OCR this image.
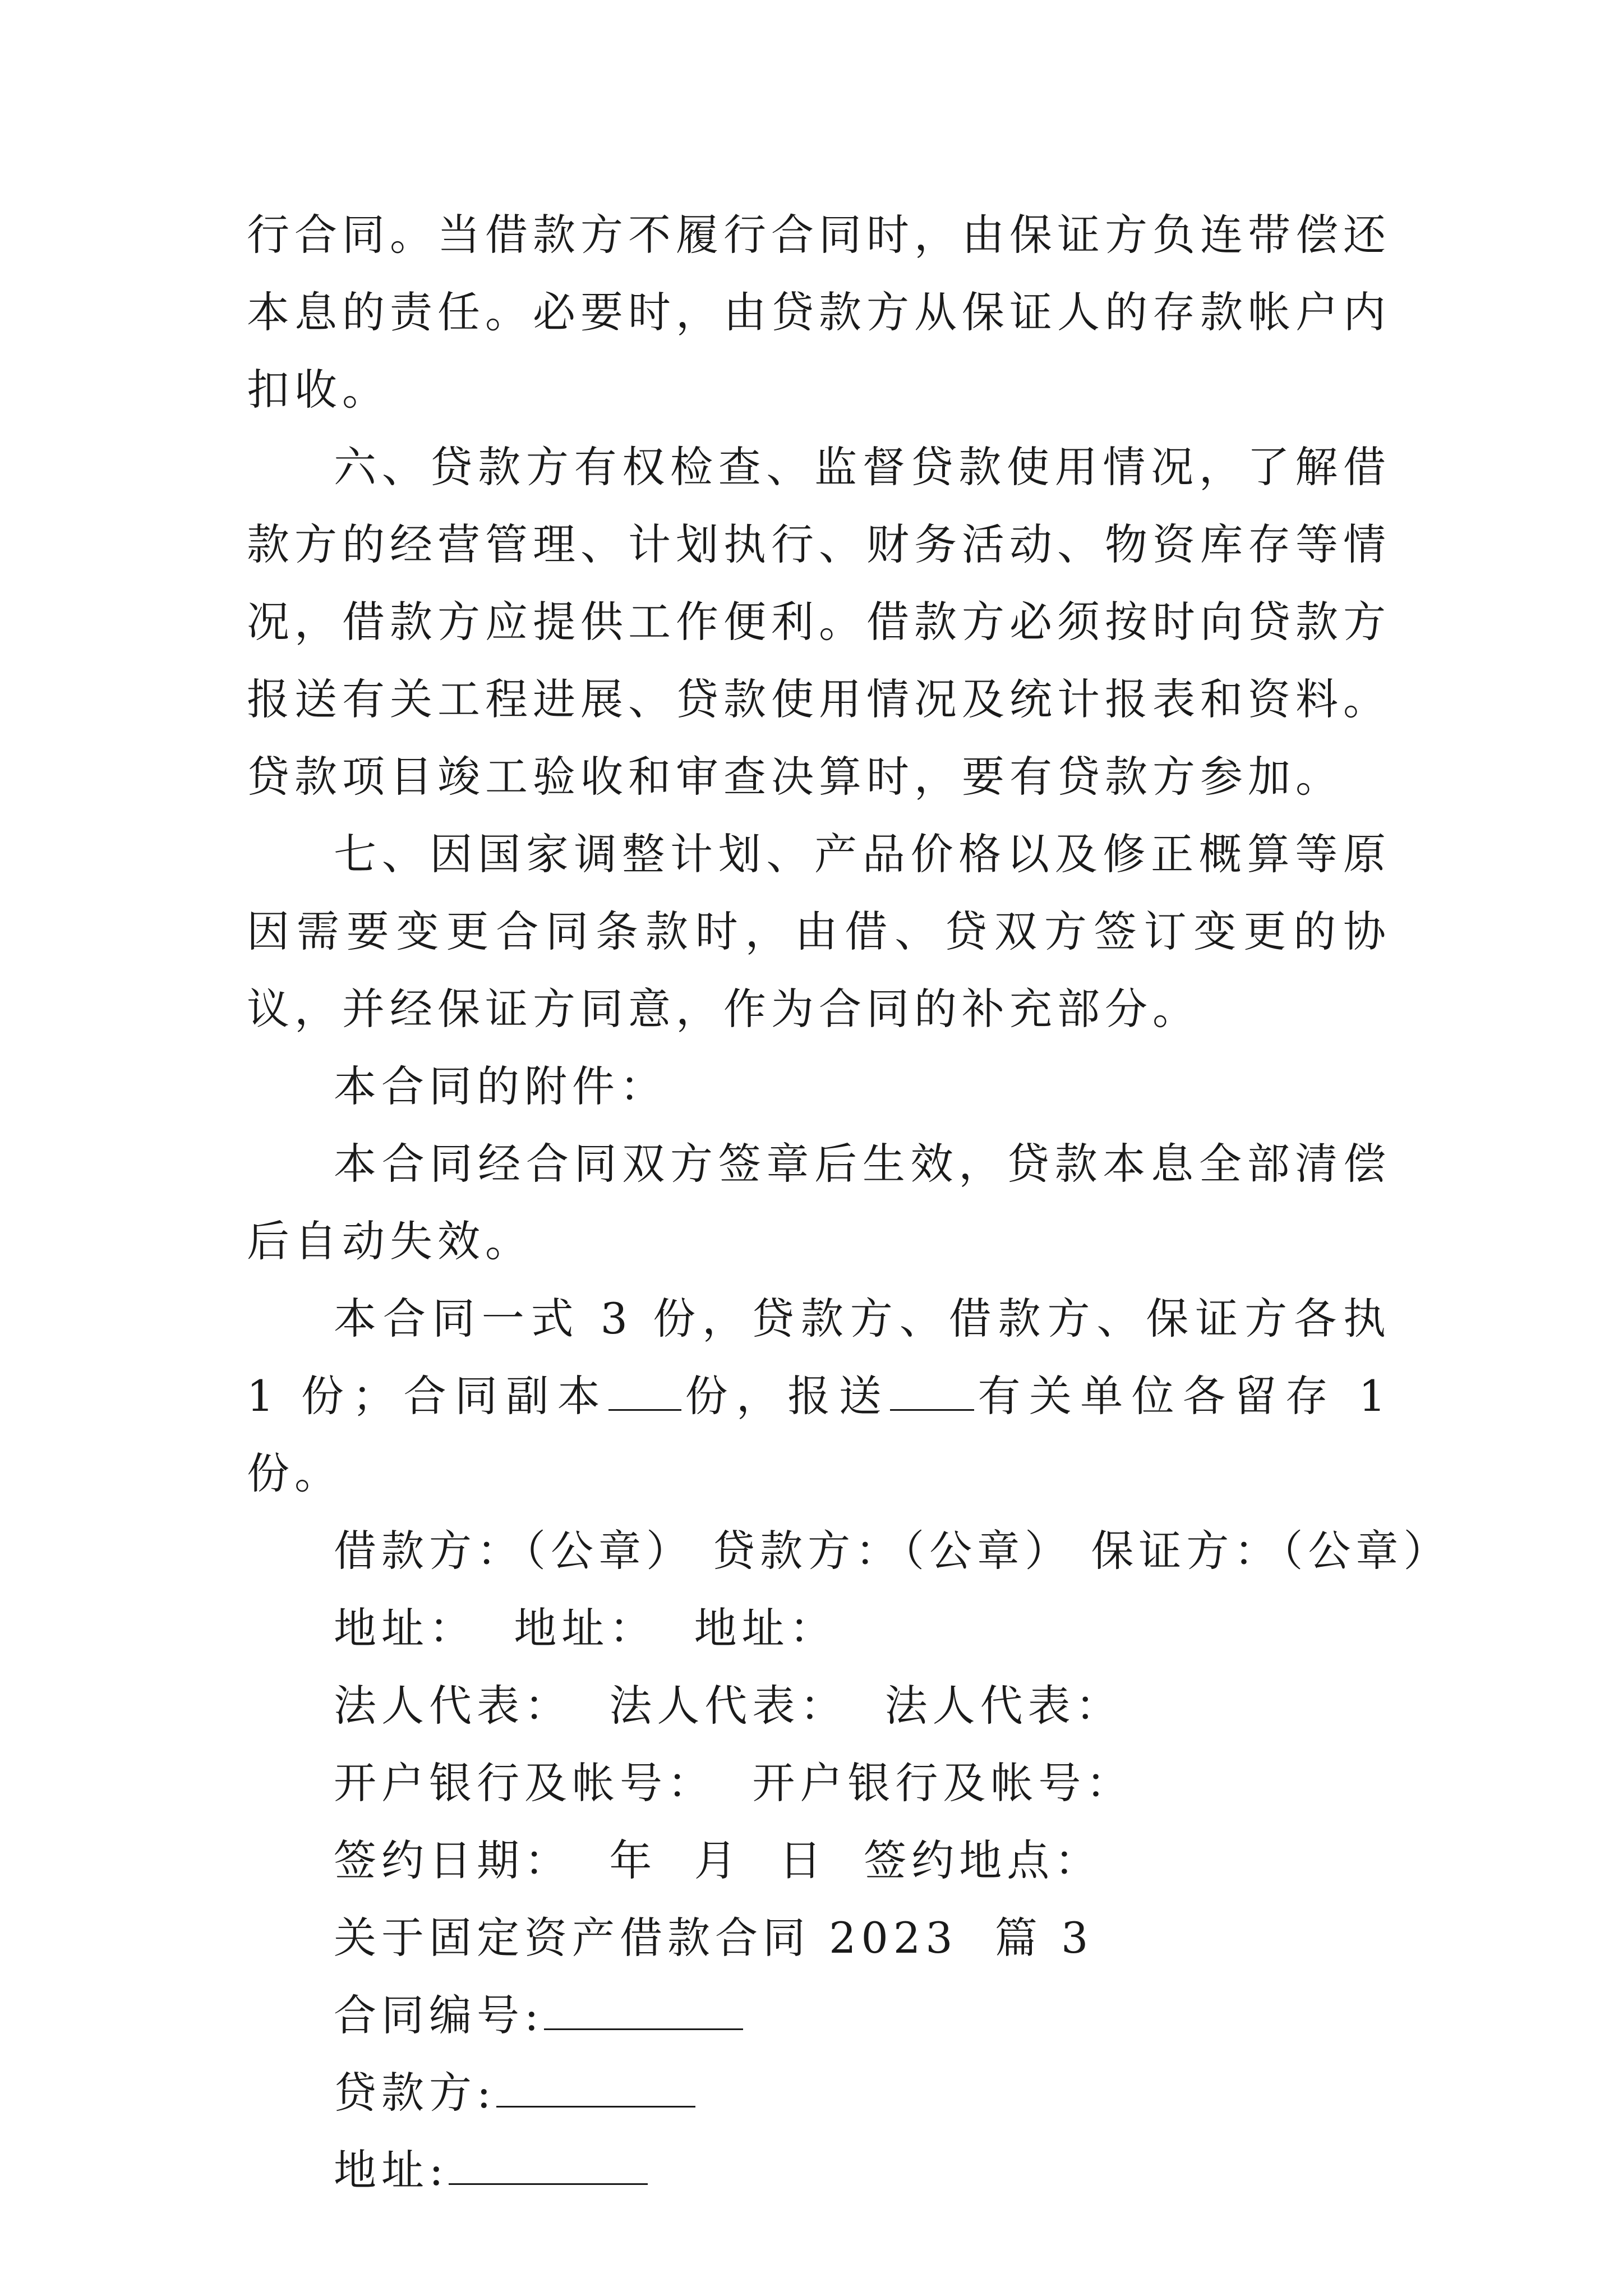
行合同。当借款方不履行合同时，由保证方负连带偿还本息的责任。必要时，由贷款方从保证人的存款帐户内扣收。

六、贷款方有权检查、监督贷款使用情况，了解借款方的经营管理、计划执行、财务活动、物资库存等情况，借款方应提供工作便利。借款方必须按时向贷款方报送有关工程进展、贷款使用情况及统计报表和资料。贷款项目竣工验收和审查决算时，要有贷款方参加。

七、因国家调整计划、产品价格以及修正概算等原因需要变更合同条款时，由借、贷双方签订变更的协议，并经保证方同意，作为合同的补充部分。

本合同的附件：

本合同经合同双方签章后生效，贷款本息全部清偿后自动失效。

本合同一式 3 份，贷款方、借款方、保证方各执 1 份；合同副本 份，报送 有关单位各留存 1 份。

借款方：（公章） 贷款方：（公章） 保证方：（公章）

地址：  地址：  地址：

法人代表：  法人代表：  法人代表：

开户银行及帐号：  开户银行及帐号：

签约日期：  年  月  日  签约地点：

关于固定资产借款合同 2023  篇 3

合同编号:

贷款方:

地址:
